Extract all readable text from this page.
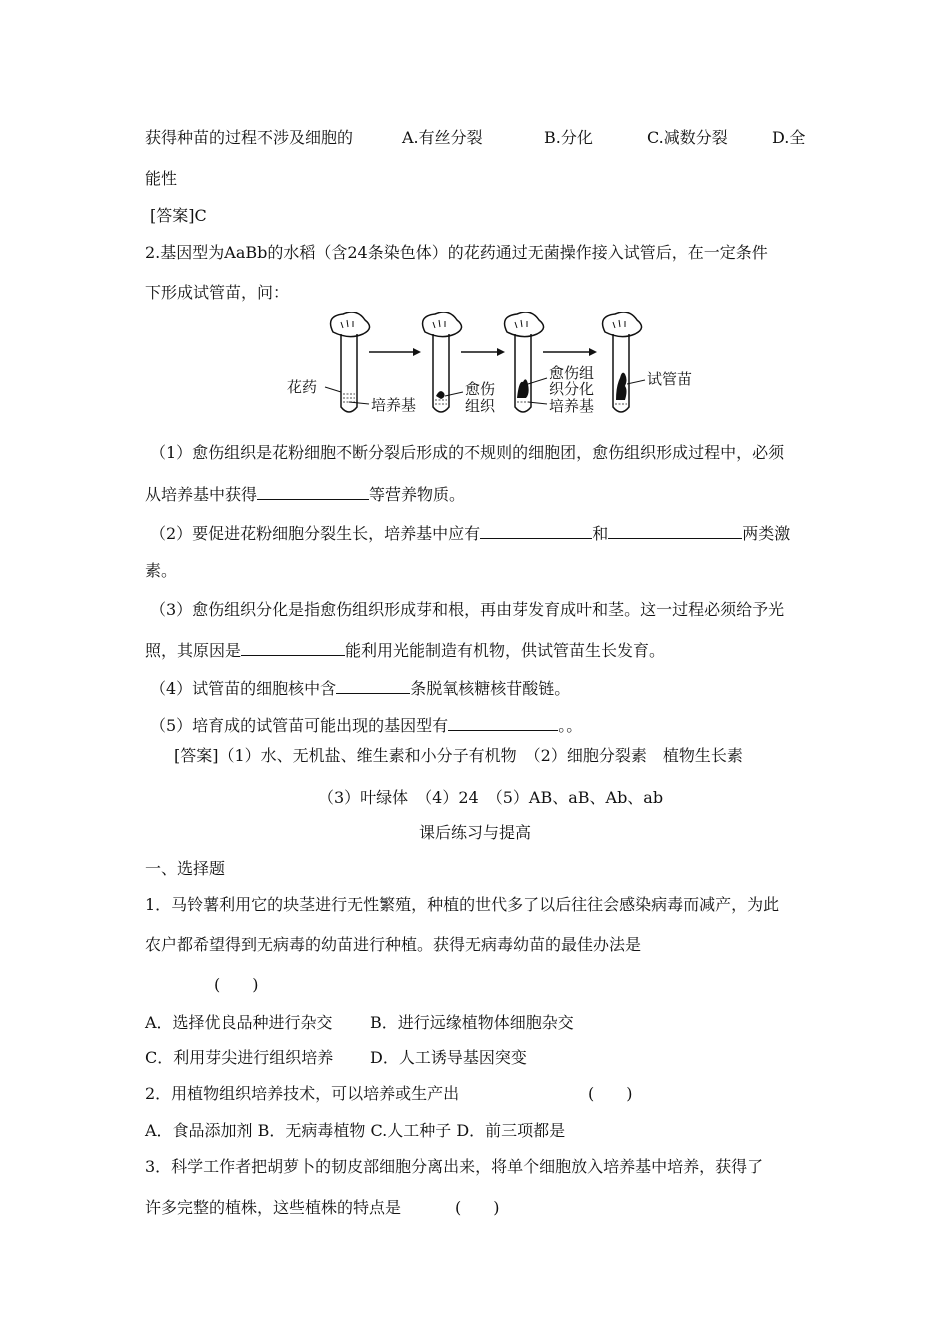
获得种苗的过程不涉及细胞的	A.有丝分裂	B.分化	C.减数分裂	D.全
能性
[答案]C
2.基因型为AaBb的水稻（含24条染色体）的花药通过无菌操作接入试管后，在一定条件
下形成试管苗，问：
花药
培养基
愈伤
组织
愈伤组
织分化
培养基
试管苗
（1）愈伤组织是花粉细胞不断分裂后形成的不规则的细胞团，愈伤组织形成过程中，必须
从培养基中获得	等营养物质。
（2）要促进花粉细胞分裂生长，培养基中应有	和	两类激
素。
（3）愈伤组织分化是指愈伤组织形成芽和根，再由芽发育成叶和茎。这一过程必须给予光
照，其原因是	能利用光能制造有机物，供试管苗生长发育。
（4）试管苗的细胞核中含	条脱氧核糖核苷酸链。
（5）培育成的试管苗可能出现的基因型有	。。
[答案]（1）水、无机盐、维生素和小分子有机物　（2）细胞分裂素　植物生长素
（3）叶绿体　（4）24　（5）AB、aB、Ab、ab
课后练习与提高
一、选择题
1．马铃薯利用它的块茎进行无性繁殖，种植的世代多了以后往往会感染病毒而减产，为此
农户都希望得到无病毒的幼苗进行种植。获得无病毒幼苗的最佳办法是
(　　)
A．选择优良品种进行杂交 B．进行远缘植物体细胞杂交
C．利用芽尖进行组织培养 D．人工诱导基因突变
2．用植物组织培养技术，可以培养或生产出	(　　)
A．食品添加剂 B．无病毒植物 C.人工种子 D．前三项都是
3．科学工作者把胡萝卜的韧皮部细胞分离出来，将单个细胞放入培养基中培养，获得了
许多完整的植株，这些植株的特点是	(　　)
